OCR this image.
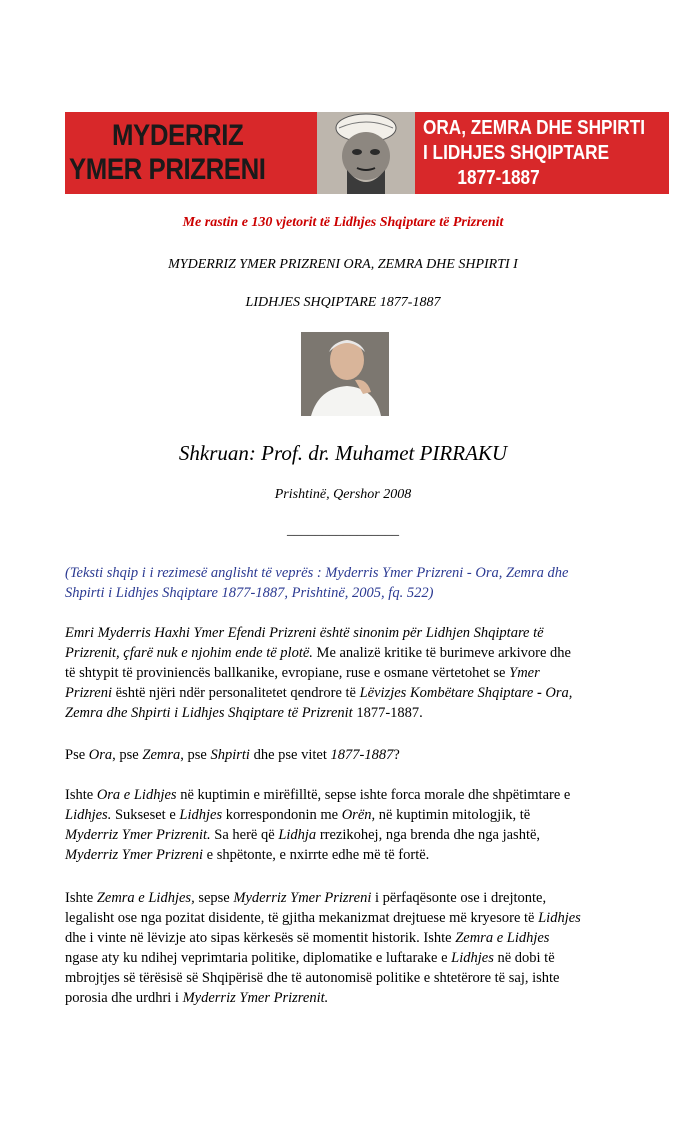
MYDERRIZ
YMER PRIZRENI
ORA, ZEMRA DHE SHPIRTI
I LIDHJES SHQIPTARE
1877-1887
Me rastin e 130 vjetorit të Lidhjes Shqiptare të Prizrenit
MYDERRIZ YMER PRIZRENI ORA, ZEMRA DHE SHPIRTI I
LIDHJES SHQIPTARE 1877-1887
Shkruan: Prof. dr. Muhamet PIRRAKU
Prishtinë, Qershor 2008
________________
(Teksti shqip i i rezimesë anglisht të veprës : Myderris Ymer Prizreni - Ora, Zemra dhe
Shpirti i Lidhjes Shqiptare 1877-1887, Prishtinë, 2005, fq. 522)
Emri Myderris Haxhi Ymer Efendi Prizreni është sinonim për Lidhjen Shqiptare të
Prizrenit, çfarë nuk e njohim ende të plotë. Me analizë kritike të burimeve arkivore dhe
të shtypit të proviniencës ballkanike, evropiane, ruse e osmane vërtetohet se Ymer
Prizreni është njëri ndër personalitetet qendrore të Lëvizjes Kombëtare Shqiptare - Ora,
Zemra dhe Shpirti i Lidhjes Shqiptare të Prizrenit 1877-1887.
Pse Ora, pse Zemra, pse Shpirti dhe pse vitet 1877-1887?
Ishte Ora e Lidhjes në kuptimin e mirëfilltë, sepse ishte forca morale dhe shpëtimtare e
Lidhjes. Sukseset e Lidhjes korrespondonin me Orën, në kuptimin mitologjik, të
Myderriz Ymer Prizrenit. Sa herë që Lidhja rrezikohej, nga brenda dhe nga jashtë,
Myderriz Ymer Prizreni e shpëtonte, e nxirrte edhe më të fortë.
Ishte Zemra e Lidhjes, sepse Myderriz Ymer Prizreni i përfaqësonte ose i drejtonte,
legalisht ose nga pozitat disidente, të gjitha mekanizmat drejtuese më kryesore të Lidhjes
dhe i vinte në lëvizje ato sipas kërkesës së momentit historik. Ishte Zemra e Lidhjes
ngase aty ku ndihej veprimtaria politike, diplomatike e luftarake e Lidhjes në dobi të
mbrojtjes së tërësisë së Shqipërisë dhe të autonomisë politike e shtetërore të saj, ishte
porosia dhe urdhri i Myderriz Ymer Prizrenit.
